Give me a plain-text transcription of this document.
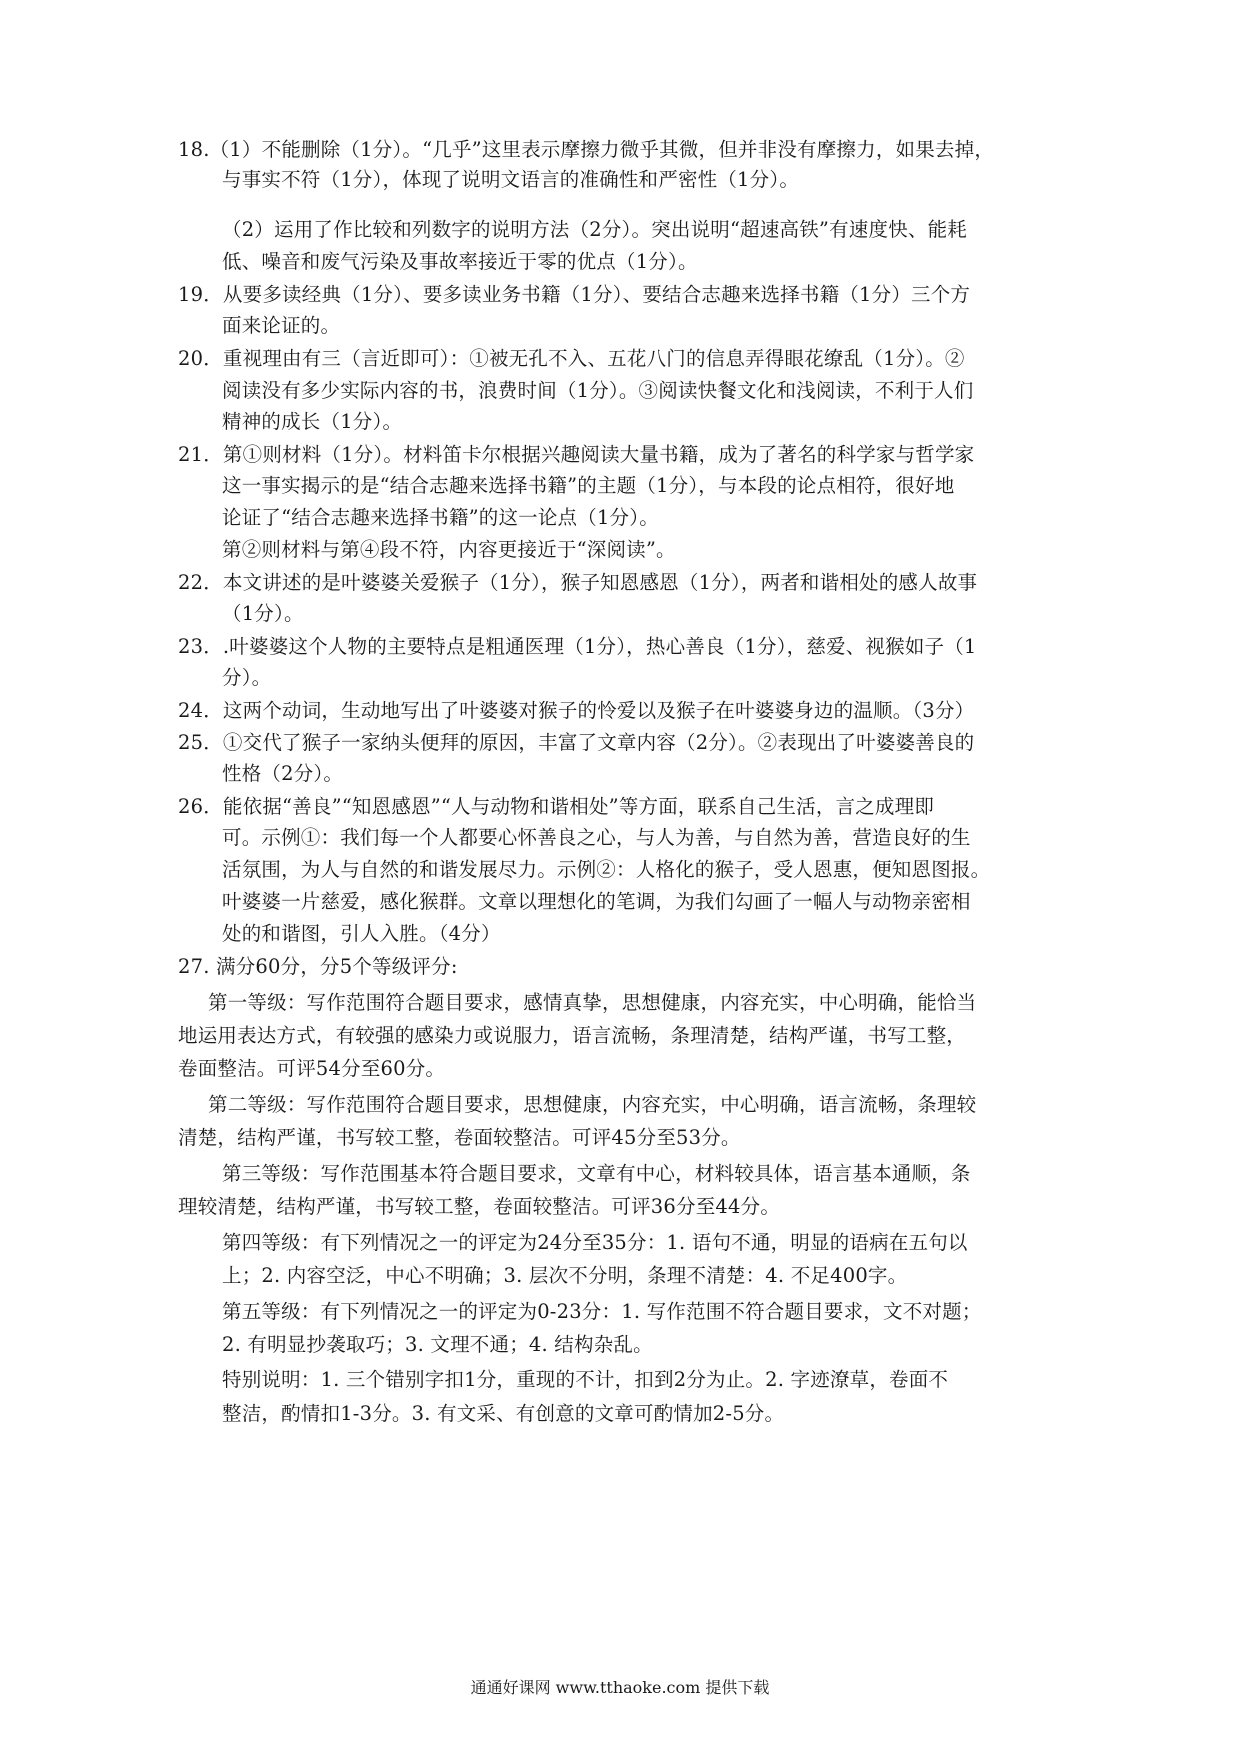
18.（1）不能删除（1分）。“几乎”这里表示摩擦力微乎其微，但并非没有摩擦力，如果去掉，
与事实不符（1分），体现了说明文语言的准确性和严密性（1分）。
（2）运用了作比较和列数字的说明方法（2分）。突出说明“超速高铁”有速度快、能耗
低、噪音和废气污染及事故率接近于零的优点（1分）。
19．从要多读经典（1分）、要多读业务书籍（1分）、要结合志趣来选择书籍（1分）三个方
面来论证的。
20．重视理由有三（言近即可）：①被无孔不入、五花八门的信息弄得眼花缭乱（1分）。②
阅读没有多少实际内容的书，浪费时间（1分）。③阅读快餐文化和浅阅读，不利于人们
精神的成长（1分）。
21．第①则材料（1分）。材料笛卡尔根据兴趣阅读大量书籍，成为了著名的科学家与哲学家
这一事实揭示的是“结合志趣来选择书籍”的主题（1分），与本段的论点相符，很好地
论证了“结合志趣来选择书籍”的这一论点（1分）。
第②则材料与第④段不符，内容更接近于“深阅读”。
22．本文讲述的是叶婆婆关爱猴子（1分），猴子知恩感恩（1分），两者和谐相处的感人故事
（1分）。
23．.叶婆婆这个人物的主要特点是粗通医理（1分），热心善良（1分），慈爱、视猴如子（1
分）。
24．这两个动词，生动地写出了叶婆婆对猴子的怜爱以及猴子在叶婆婆身边的温顺。（3分）
25．①交代了猴子一家纳头便拜的原因，丰富了文章内容（2分）。②表现出了叶婆婆善良的
性格（2分）。
26．能依据“善良”“知恩感恩”“人与动物和谐相处”等方面，联系自己生活，言之成理即
可。示例①：我们每一个人都要心怀善良之心，与人为善，与自然为善，营造良好的生
活氛围，为人与自然的和谐发展尽力。示例②：人格化的猴子，受人恩惠，便知恩图报。
叶婆婆一片慈爱，感化猴群。文章以理想化的笔调，为我们勾画了一幅人与动物亲密相
处的和谐图，引人入胜。（4分）
27. 满分60分，分5个等级评分:
第一等级：写作范围符合题目要求，感情真挚，思想健康，内容充实，中心明确，能恰当
地运用表达方式，有较强的感染力或说服力，语言流畅，条理清楚，结构严谨，书写工整，
卷面整洁。可评54分至60分。
第二等级：写作范围符合题目要求，思想健康，内容充实，中心明确，语言流畅，条理较
清楚，结构严谨，书写较工整，卷面较整洁。可评45分至53分。
第三等级：写作范围基本符合题目要求，文章有中心，材料较具体，语言基本通顺，条
理较清楚，结构严谨，书写较工整，卷面较整洁。可评36分至44分。
第四等级：有下列情况之一的评定为24分至35分：1. 语句不通，明显的语病在五句以
上；2. 内容空泛，中心不明确；3. 层次不分明，条理不清楚：4. 不足400字。
第五等级：有下列情况之一的评定为0-23分：1. 写作范围不符合题目要求，文不对题；
2. 有明显抄袭取巧；3. 文理不通；4. 结构杂乱。
特别说明：1. 三个错别字扣1分，重现的不计，扣到2分为止。2. 字迹潦草，卷面不
整洁，酌情扣1-3分。3. 有文采、有创意的文章可酌情加2-5分。
通通好课网 www.tthaoke.com 提供下载
